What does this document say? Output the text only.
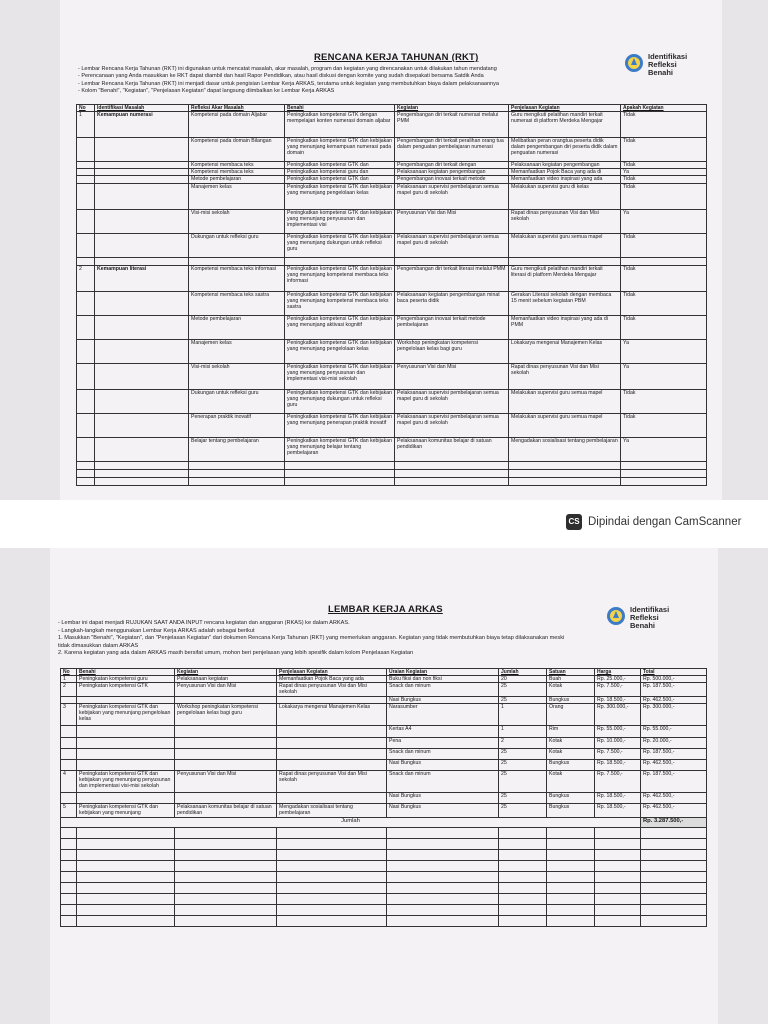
RENCANA KERJA TAHUNAN (RKT)	Identifikasi
Refleksi
Benahi
- Lembar Rencana Kerja Tahunan (RKT) ini digunakan untuk mencatat masalah, akar masalah, program dan kegiatan yang direncanakan untuk dilakukan tahun mendatang
- Perencanaan yang Anda masukkan ke RKT dapat diambil dan hasil Rapor Pendidikan, atau hasil diskusi dengan komite yang sudah disepakati bersama Satdik Anda
- Lembar Rencana Kerja Tahunan (RKT) ini menjadi dasar untuk pengisian Lembar Kerja ARKAS, terutama untuk kegiatan yang membutuhkan biaya dalam pelaksanaannya
- Kolom "Benahi", "Kegiatan", "Penjelasan Kegiatan" dapat langsung diimbalkan ke Lembar Kerja ARKAS
No	Identifikasi Masalah	Refleksi Akar Masalah	Benahi	Kegiatan	Penjelasan Kegiatan	Apakah Kegiatan
1	Kemampuan numerasi	Kompetensi pada domain Aljabar	Peningkatkan kompetensi GTK dengan mempelajari konten numerasi domain aljabar	Pengembangan diri terkait numerasi melalui PMM	Guru mengikuti pelatihan mandiri terkait numerasi di platform Merdeka Mengajar	Tidak
		Kompetensi pada domain Bilangan	Peningkatkan kompetensi GTK dan kebijakan yang menunjang kemampuan numerasi pada domain	Pengembangan diri terkait peralihan orang tua dalam penguatan pembelajaran numerasi	Melibatkan peran orangtua peserta didik dalam pengembangan diri peserta didik dalam penguatan numerasi	Tidak
		Kompetensi membaca teks	Peningkatkan kompetensi GTK dan	Pengembangan diri terkait dengan	Pelaksanaan kegiatan pengembangan	Tidak
		Kompetensi membaca teks	Peningkatkan kompetensi guru dan	Pelaksanaan kegiatan pengembangan	Memanfaatkan Pojok Baca yang ada di	Ya
		Metode pembelajaran	Peningkatkan kompetensi GTK dan	Pengembangan inovasi terkait metode	Memanfaatkan video inspirasi yang ada	Tidak
		Manajemen kelas	Peningkatkan kompetensi GTK dan kebijakan yang menunjang pengelolaan kelas	Pelaksanaan supervisi pembelajaran semua mapel guru di sekolah	Melakukan supervisi guru di kelas	Tidak
		Visi-misi sekolah	Peningkatkan kompetensi GTK dan kebijakan yang menunjang penyusunan dan implementasi visi	Penyusunan Visi dan Misi	Rapat dinas penyusunan Visi dan Misi sekolah	Ya
		Dukungan untuk refleksi guru	Peningkatkan kompetensi GTK dan kebijakan yang menunjang dukungan untuk refleksi guru	Pelaksanaan supervisi pembelajaran semua mapel guru di sekolah	Melakukan supervisi guru semua mapel	Tidak

2	Kemampuan literasi	Kompetensi membaca teks informasi	Peningkatkan kompetensi GTK dan kebijakan yang menunjang kompetensi membaca teks informasi	Pengembangan diri terkait literasi melalui PMM	Guru mengikuti pelatihan mandiri terkait literasi di platform Merdeka Mengajar	Tidak
		Kompetensi membaca teks sastra	Peningkatkan kompetensi GTK dan kebijakan yang menunjang kompetensi membaca teks sastra	Pelaksanaan kegiatan pengembangan minat baca peserta didik	Gerakan Literasi sekolah dengan membaca 15 menit sebelum kegiatan PBM	Tidak
		Metode pembelajaran	Peningkatkan kompetensi GTK dan kebijakan yang menunjang aktivasi kognitif	Pengembangan inovasi terkait metode pembelajaran	Memanfaatkan video inspirasi yang ada di PMM	Tidak
		Manajemen kelas	Peningkatkan kompetensi GTK dan kebijakan yang menunjang pengelolaan kelas	Workshop peningkatan kompetensi pengelolaan kelas bagi guru	Lokakarya mengenai Manajemen Kelas	Ya
		Visi-misi sekolah	Peningkatkan kompetensi GTK dan kebijakan yang menunjang penyusunan dan implementasi visi-misi sekolah	Penyusunan Visi dan Misi	Rapat dinas penyusunan Visi dan Misi sekolah	Ya
		Dukungan untuk refleksi guru	Peningkatkan kompetensi GTK dan kebijakan yang menunjang dukungan untuk refleksi guru	Pelaksanaan supervisi pembelajaran semua mapel guru di sekolah	Melakukan supervisi guru semua mapel	Tidak
		Penerapan praktik inovatif	Peningkatkan kompetensi GTK dan kebijakan yang menunjang penerapan praktik inovatif	Pelaksanaan supervisi pembelajaran semua mapel guru di sekolah	Melakukan supervisi guru semua mapel	Tidak
		Belajar tentang pembelajaran	Peningkatkan kompetensi GTK dan kebijakan yang menunjang belajar tentang pembelajaran	Pelaksanaan komunitas belajar di satuan pendidikan	Mengadakan sosialisasi tentang pembelajaran	Ya

CS Dipindai dengan CamScanner
LEMBAR KERJA ARKAS	Identifikasi
Refleksi
Benahi
- Lembar ini dapat menjadi RUJUKAN SAAT ANDA INPUT rencana kegiatan dan anggaran (RKAS) ke dalam ARKAS.
- Langkah-langkah menggunakan Lembar Kerja ARKAS adalah sebagai berikut
1. Masukkan "Benahi", "Kegiatan", dan "Penjelasan Kegiatan" dari dokumen Rencana Kerja Tahunan (RKT) yang memerlukan anggaran. Kegiatan yang tidak membutuhkan biaya tetap dilaksanakan meski
tidak dimasukkan dalam ARKAS
2. Karena kegiatan yang ada dalam ARKAS masih bersifat umum, mohon beri penjelasan yang lebih spesifik dalam kolom Penjelasan Kegiatan
No	Benahi	Kegiatan	Penjelasan Kegiatan	Uraian Kegiatan	Jumlah	Satuan	Harga	Total
1	Peningkatan kompetensi guru	Pelaksanaan kegiatan	Memanfaatkan Pojok Baca yang ada	Buku fiksi dan non fiksi	20	Buah	Rp. 25.000,-	Rp. 500.000,-
2	Peningkatan kompetensi GTK	Penyusunan Visi dan Misi	Rapat dinas penyusunan Visi dan Misi sekolah	Snack dan minum	25	Kotak	Rp. 7.500,-	Rp. 187.500,-
				Nasi Bungkus	25	Bungkus	Rp. 18.500,-	Rp. 462.500,-
3	Peningkatan kompetensi GTK dan kebijakan yang menunjang pengelolaan kelas	Workshop peningkatan kompetensi pengelolaan kelas bagi guru	Lokakarya mengenai Manajemen Kelas	Narasumber	1	Orang	Rp. 300.000,-	Rp. 300.000,-
				Kertas A4	1	Rim	Rp. 55.000,-	Rp. 55.000,-
				Pena	2	Kotak	Rp. 10.000,-	Rp. 20.000,-
				Snack dan minum	25	Kotak	Rp. 7.500,-	Rp. 187.500,-
				Nasi Bungkus	25	Bungkus	Rp. 18.500,-	Rp. 462.500,-
4	Peningkatan kompetensi GTK dan kebijakan yang menunjang penyusunan dan implementasi visi-misi sekolah	Penyusunan Visi dan Misi	Rapat dinas penyusunan Visi dan Misi sekolah	Snack dan minum	25	Kotak	Rp. 7.500,-	Rp. 187.500,-
				Nasi Bungkus	25	Bungkus	Rp. 18.500,-	Rp. 462.500,-
5	Peningkatan kompetensi GTK dan kebijakan yang menunjang	Pelaksanaan komunitas belajar di satuan pendidikan	Mengadakan sosialisasi tentang pembelajaran	Nasi Bungkus	25	Bungkus	Rp. 18.500,-	Rp. 462.500,-
Jumlah								Rp. 3.287.500,-
